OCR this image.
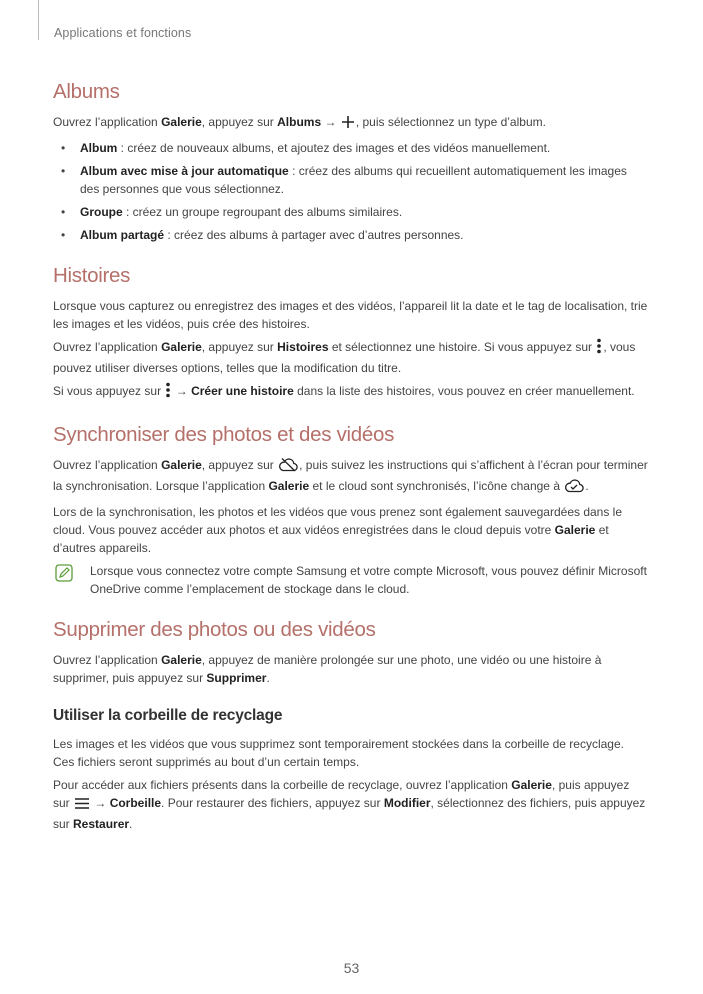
Applications et fonctions
Albums

Ouvrez l’application Galerie, appuyez sur Albums → , puis sélectionnez un type d’album.

• Album : créez de nouveaux albums, et ajoutez des images et des vidéos manuellement.
• Album avec mise à jour automatique : créez des albums qui recueillent automatiquement les images des personnes que vous sélectionnez.
• Groupe : créez un groupe regroupant des albums similaires.
• Album partagé : créez des albums à partager avec d’autres personnes.
Histoires

Lorsque vous capturez ou enregistrez des images et des vidéos, l’appareil lit la date et le tag de localisation, trie les images et les vidéos, puis crée des histoires.

Ouvrez l’application Galerie, appuyez sur Histoires et sélectionnez une histoire. Si vous appuyez sur , vous pouvez utiliser diverses options, telles que la modification du titre.

Si vous appuyez sur  → Créer une histoire dans la liste des histoires, vous pouvez en créer manuellement.

Synchroniser des photos et des vidéos

Ouvrez l’application Galerie, appuyez sur , puis suivez les instructions qui s’affichent à l’écran pour terminer la synchronisation. Lorsque l’application Galerie et le cloud sont synchronisés, l’icône change à .

Lors de la synchronisation, les photos et les vidéos que vous prenez sont également sauvegardées dans le cloud. Vous pouvez accéder aux photos et aux vidéos enregistrées dans le cloud depuis votre Galerie et d’autres appareils.

Lorsque vous connectez votre compte Samsung et votre compte Microsoft, vous pouvez définir Microsoft OneDrive comme l’emplacement de stockage dans le cloud.

Supprimer des photos ou des vidéos

Ouvrez l’application Galerie, appuyez de manière prolongée sur une photo, une vidéo ou une histoire à supprimer, puis appuyez sur Supprimer.

Utiliser la corbeille de recyclage

Les images et les vidéos que vous supprimez sont temporairement stockées dans la corbeille de recyclage. Ces fichiers seront supprimés au bout d’un certain temps.

Pour accéder aux fichiers présents dans la corbeille de recyclage, ouvrez l’application Galerie, puis appuyez sur  → Corbeille. Pour restaurer des fichiers, appuyez sur Modifier, sélectionnez des fichiers, puis appuyez sur Restaurer.

53
